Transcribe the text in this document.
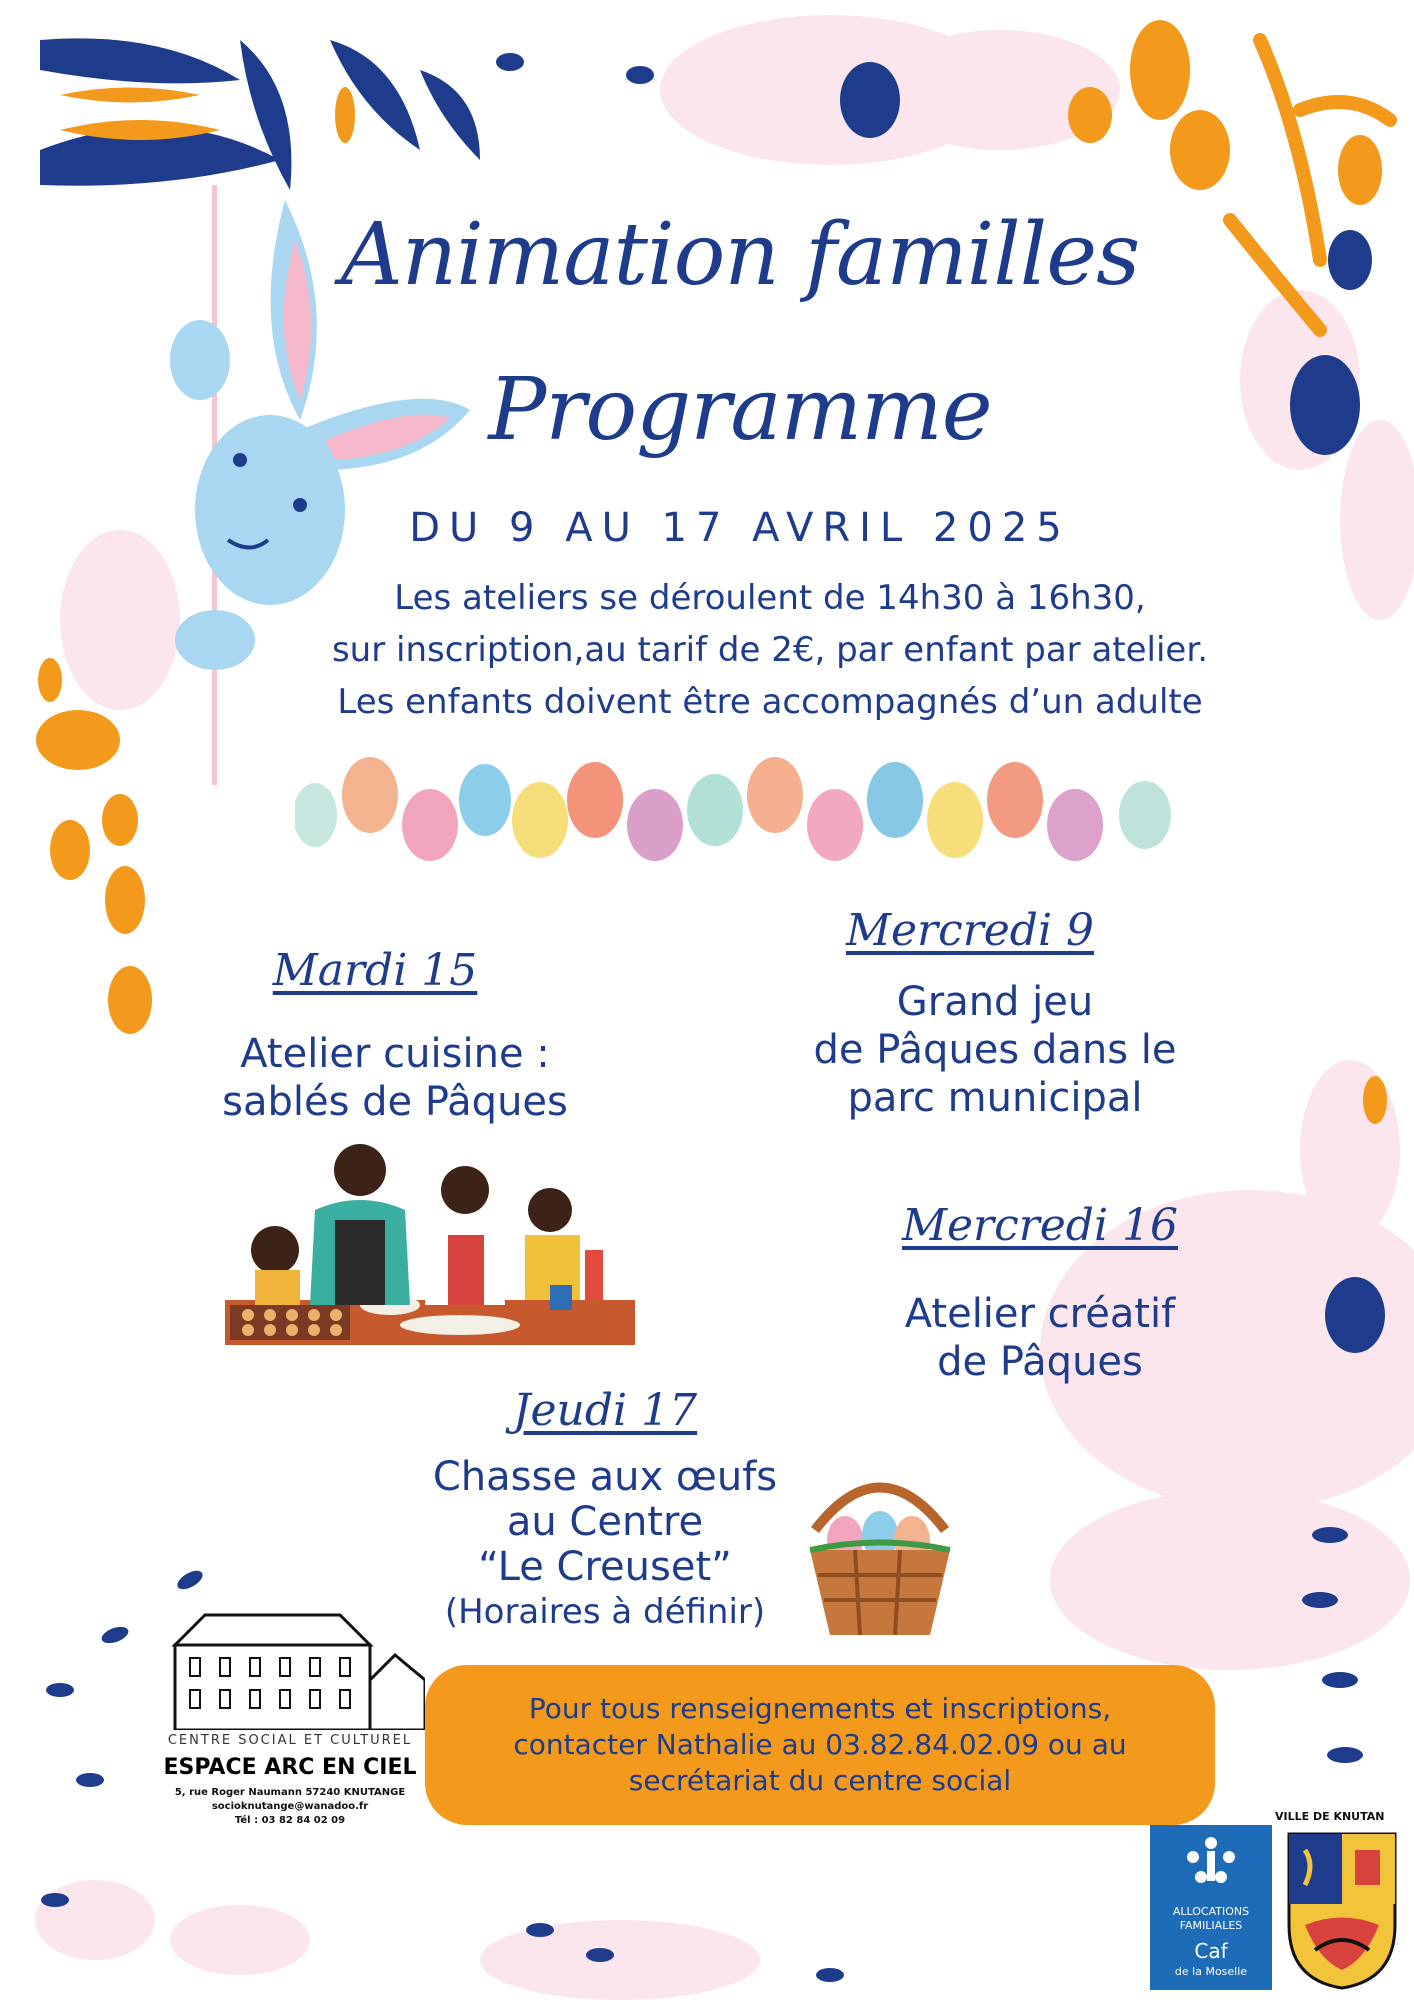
Animation familles
Programme
DU 9 AU 17 AVRIL 2025
Les ateliers se déroulent de 14h30 à 16h30,
sur inscription,au tarif de 2€, par enfant par atelier.
Les enfants doivent être accompagnés d’un adulte
Mercredi 9
Grand jeu
de Pâques dans le
parc municipal
Mardi 15
Atelier cuisine :
sablés de Pâques
Mercredi 16
Atelier créatif
de Pâques
Jeudi 17
Chasse aux œufs
au Centre
“Le Creuset”
(Horaires à définir)
CENTRE SOCIAL ET CULTUREL
ESPACE ARC EN CIEL
5, rue Roger Naumann 57240 KNUTANGE
socioknutange@wanadoo.fr
Tél : 03 82 84 02 09
Pour tous renseignements et inscriptions,
contacter Nathalie au 03.82.84.02.09 ou au
secrétariat du centre social
ALLOCATIONS
FAMILIALES
Caf
de la Moselle
VILLE DE KNUTAN
